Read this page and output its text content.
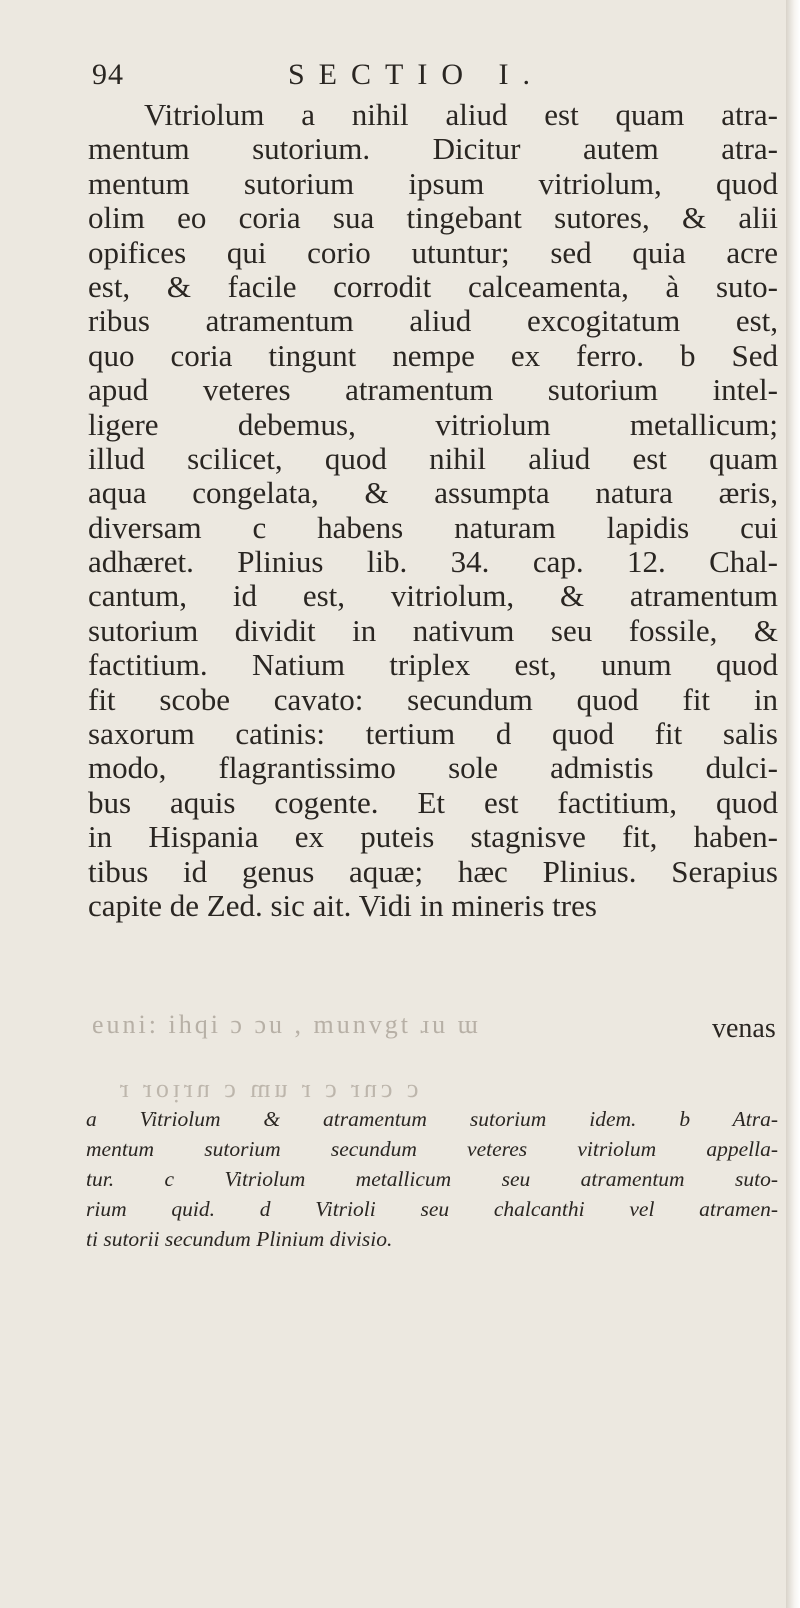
94	SECTIO I.
Vitriolum a nihil aliud est quam atra-
mentum sutorium. Dicitur autem atra-
mentum sutorium ipsum vitriolum, quod
olim eo coria sua tingebant sutores, & alii
opifices qui corio utuntur; sed quia acre
est, & facile corrodit calceamenta, à suto-
ribus atramentum aliud excogitatum est,
quo coria tingunt nempe ex ferro. b Sed
apud veteres atramentum sutorium intel-
ligere debemus, vitriolum metallicum;
illud scilicet, quod nihil aliud est quam
aqua congelata, & assumpta natura æris,
diversam c habens naturam lapidis cui
adhæret. Plinius lib. 34. cap. 12. Chal-
cantum, id est, vitriolum, & atramentum
sutorium dividit in nativum seu fossile, &
factitium. Natium triplex est, unum quod
fit scobe cavato: secundum quod fit in
saxorum catinis: tertium d quod fit salis
modo, flagrantissimo sole admistis dulci-
bus aquis cogente. Et est factitium, quod
in Hispania ex puteis stagnisve fit, haben-
tibus id genus aquæ; hæc Plinius. Serapius
capite de Zed. sic ait. Vidi in mineris tres
euni: ihqi ɔ ɔu , munvgt ɹu ɯ	venas
ɹ ɹoiɹu ɔ ɯn ɹ ɔ ɹuɔ ɔ
a Vitriolum & atramentum sutorium idem. b Atra-
mentum sutorium secundum veteres vitriolum appella-
tur. c Vitriolum metallicum seu atramentum suto-
rium quid. d Vitrioli seu chalcanthi vel atramen-
ti sutorii secundum Plinium divisio.
